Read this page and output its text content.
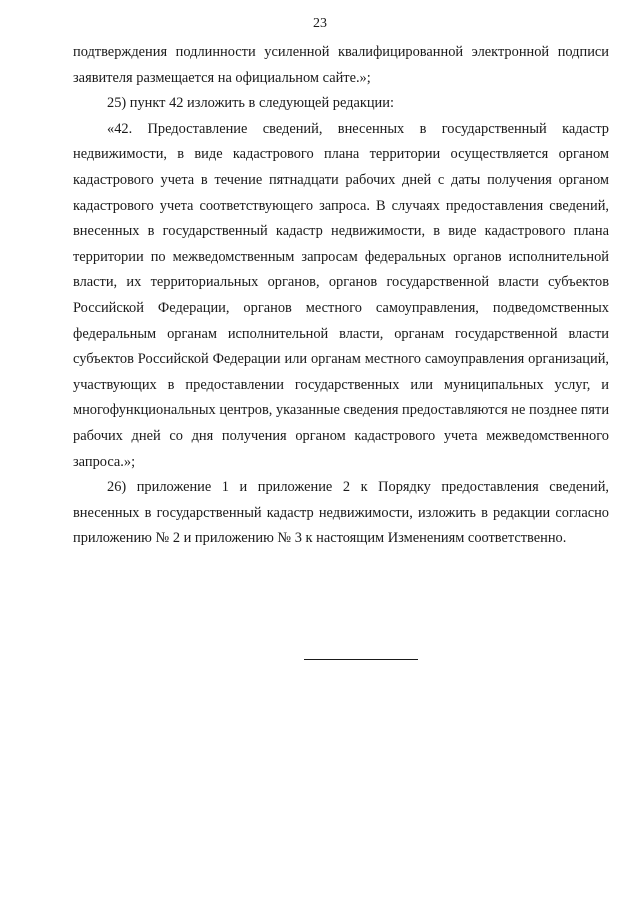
23

подтверждения подлинности усиленной квалифицированной электронной подписи заявителя размещается на официальном сайте.»;

25) пункт 42 изложить в следующей редакции:

«42. Предоставление сведений, внесенных в государственный кадастр недвижимости, в виде кадастрового плана территории осуществляется органом кадастрового учета в течение пятнадцати рабочих дней с даты получения органом кадастрового учета соответствующего запроса. В случаях предоставления сведений, внесенных в государственный кадастр недвижимости, в виде кадастрового плана территории по межведомственным запросам федеральных органов исполнительной власти, их территориальных органов, органов государственной власти субъектов Российской Федерации, органов местного самоуправления, подведомственных федеральным органам исполнительной власти, органам государственной власти субъектов Российской Федерации или органам местного самоуправления организаций, участвующих в предоставлении государственных или муниципальных услуг, и многофункциональных центров, указанные сведения предоставляются не позднее пяти рабочих дней со дня получения органом кадастрового учета межведомственного запроса.»;

26) приложение 1 и приложение 2 к Порядку предоставления сведений, внесенных в государственный кадастр недвижимости, изложить в редакции согласно приложению № 2 и приложению № 3 к настоящим Изменениям соответственно.
